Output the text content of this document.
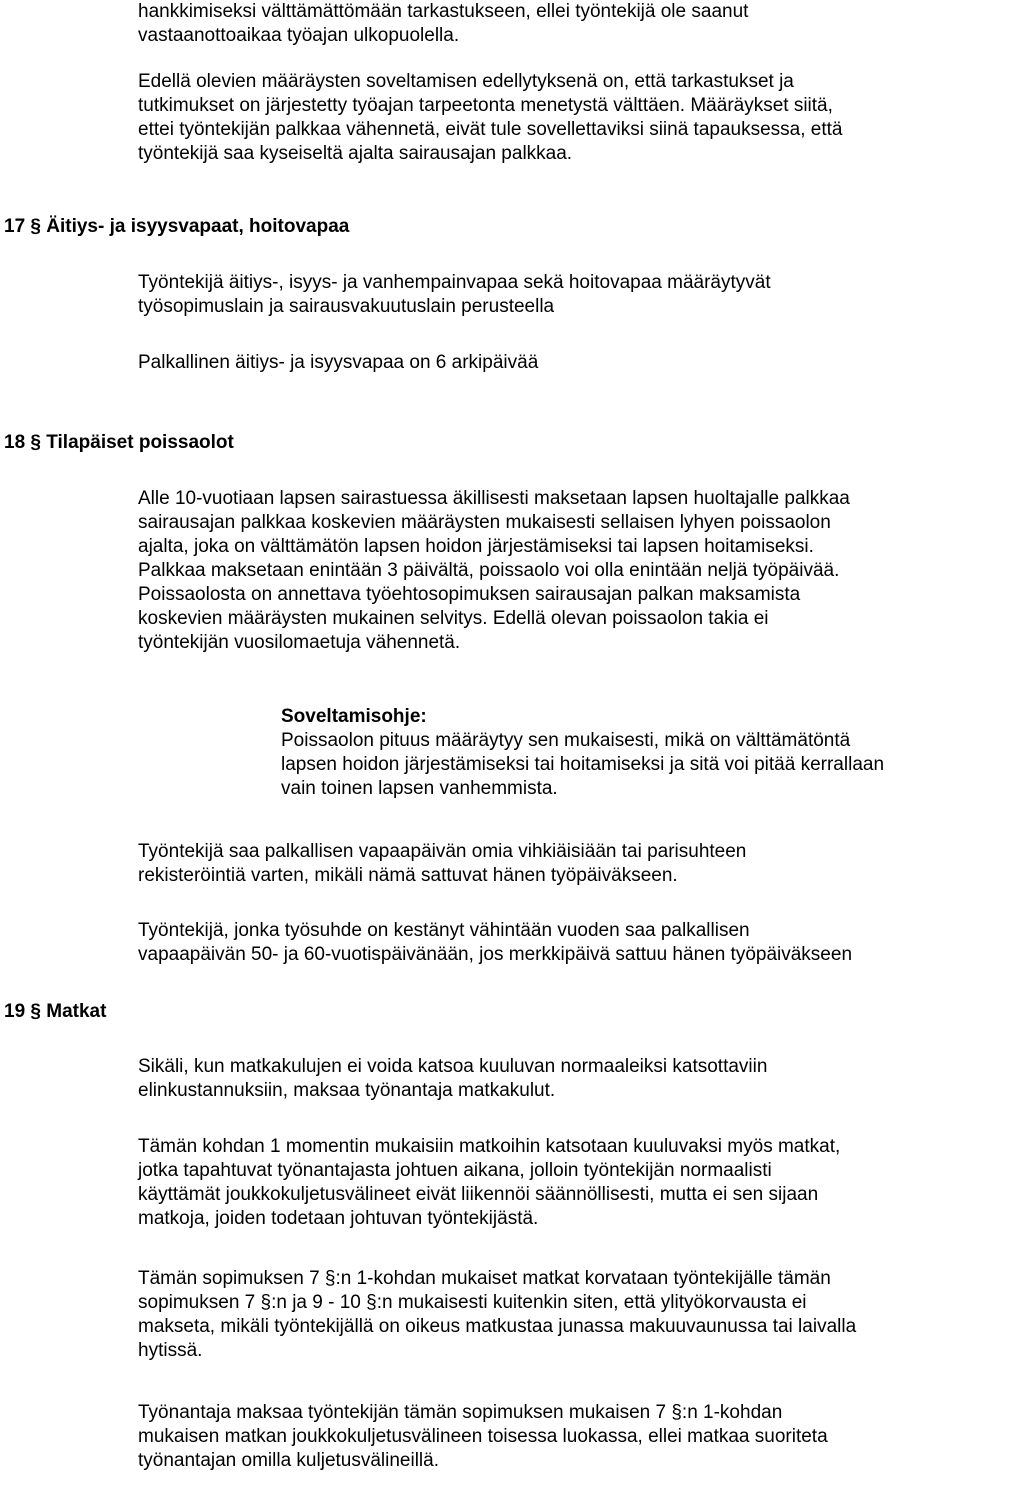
hankkimiseksi välttämättömään tarkastukseen, ellei työntekijä ole saanut
vastaanottoaikaa työajan ulkopuolella.
Edellä olevien määräysten soveltamisen edellytyksenä on, että tarkastukset ja
tutkimukset on järjestetty työajan tarpeetonta menetystä välttäen. Määräykset siitä,
ettei työntekijän palkkaa vähennetä, eivät tule sovellettaviksi siinä tapauksessa, että
työntekijä saa kyseiseltä ajalta sairausajan palkkaa.
17 § Äitiys- ja isyysvapaat, hoitovapaa
Työntekijä äitiys-, isyys- ja vanhempainvapaa sekä hoitovapaa määräytyvät
työsopimuslain ja sairausvakuutuslain perusteella
Palkallinen äitiys- ja isyysvapaa on 6 arkipäivää
18 § Tilapäiset poissaolot
Alle 10-vuotiaan lapsen sairastuessa äkillisesti maksetaan lapsen huoltajalle palkkaa
sairausajan palkkaa koskevien määräysten mukaisesti sellaisen lyhyen poissaolon
ajalta, joka on välttämätön lapsen hoidon järjestämiseksi tai lapsen hoitamiseksi.
Palkkaa maksetaan enintään 3 päivältä, poissaolo voi olla enintään neljä työpäivää.
Poissaolosta on annettava työehtosopimuksen sairausajan palkan maksamista
koskevien määräysten mukainen selvitys. Edellä olevan poissaolon takia ei
työntekijän vuosilomaetuja vähennetä.
Soveltamisohje:
Poissaolon pituus määräytyy sen mukaisesti, mikä on välttämätöntä
lapsen hoidon järjestämiseksi tai hoitamiseksi ja sitä voi pitää kerrallaan
vain toinen lapsen vanhemmista.
Työntekijä saa palkallisen vapaapäivän omia vihkiäisiään tai parisuhteen
rekisteröintiä varten, mikäli nämä sattuvat hänen työpäiväkseen.
Työntekijä, jonka työsuhde on kestänyt vähintään vuoden saa palkallisen
vapaapäivän 50- ja 60-vuotispäivänään, jos merkkipäivä sattuu hänen työpäiväkseen
19 § Matkat
Sikäli, kun matkakulujen ei voida katsoa kuuluvan normaaleiksi katsottaviin
elinkustannuksiin, maksaa työnantaja matkakulut.
Tämän kohdan 1 momentin mukaisiin matkoihin katsotaan kuuluvaksi myös matkat,
jotka tapahtuvat työnantajasta johtuen aikana, jolloin työntekijän normaalisti
käyttämät joukkokuljetusvälineet eivät liikennöi säännöllisesti, mutta ei sen sijaan
matkoja, joiden todetaan johtuvan työntekijästä.
Tämän sopimuksen 7 §:n 1-kohdan mukaiset matkat korvataan työntekijälle tämän
sopimuksen 7 §:n ja 9 - 10 §:n mukaisesti kuitenkin siten, että ylityökorvausta ei
makseta, mikäli työntekijällä on oikeus matkustaa junassa makuuvaunussa tai laivalla
hytissä.
Työnantaja maksaa työntekijän tämän sopimuksen mukaisen 7 §:n 1-kohdan
mukaisen matkan joukkokuljetusvälineen toisessa luokassa, ellei matkaa suoriteta
työnantajan omilla kuljetusvälineillä.
